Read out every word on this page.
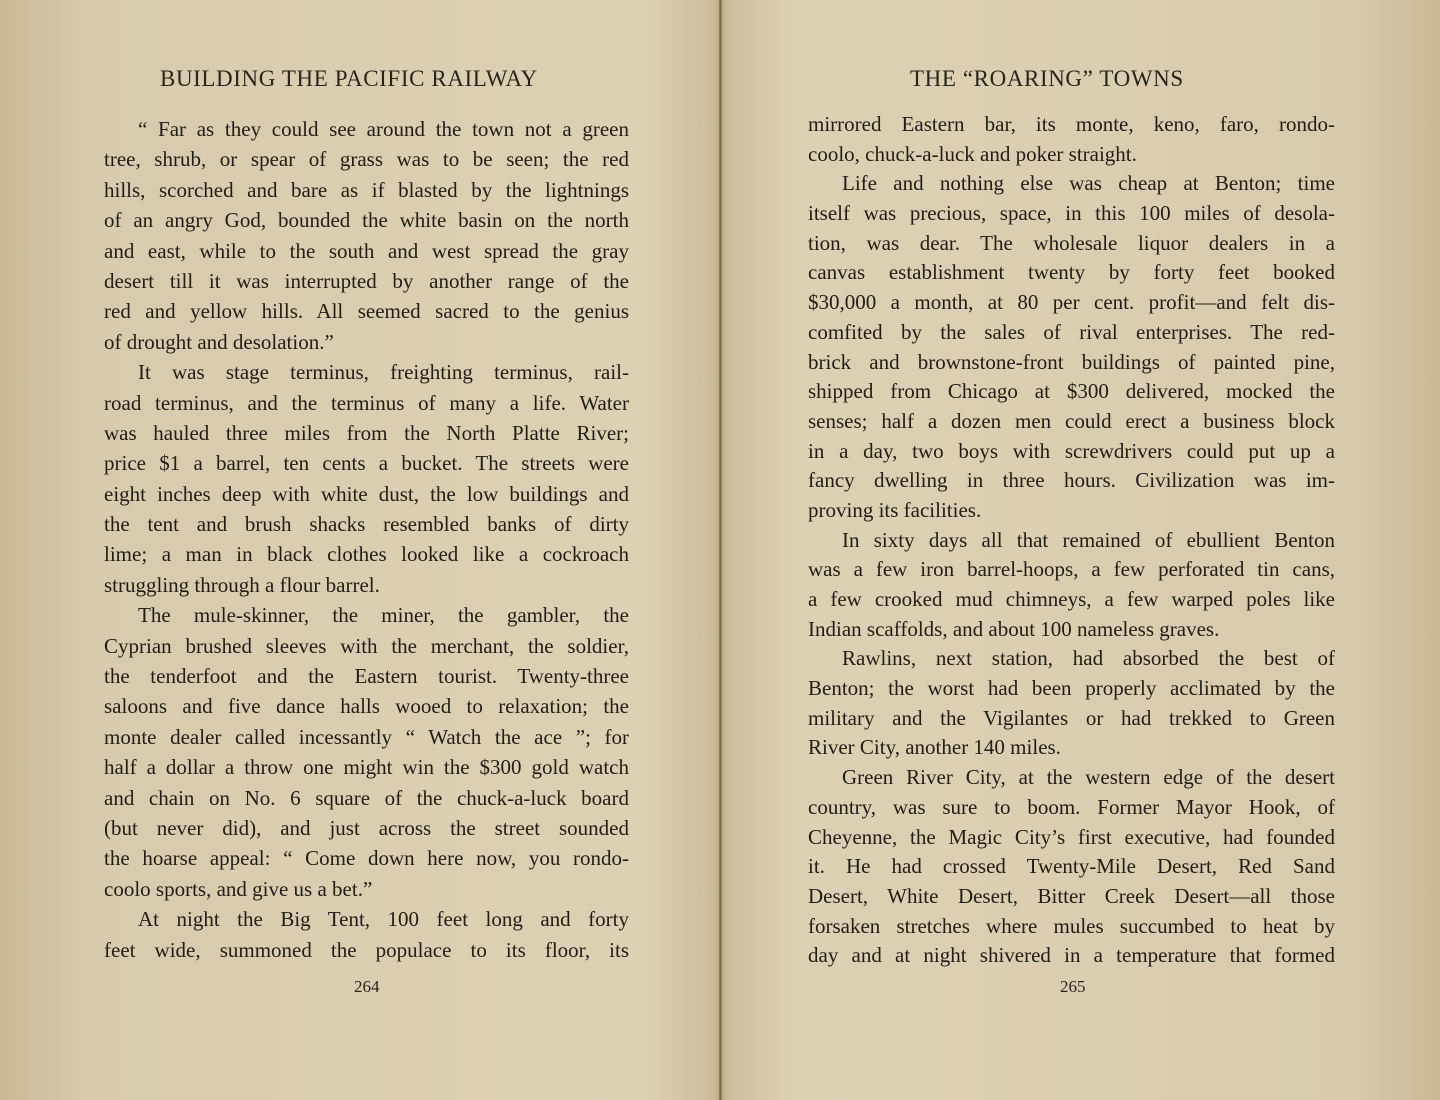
BUILDING THE PACIFIC RAILWAY
“ Far as they could see around the town not a green
tree, shrub, or spear of grass was to be seen; the red
hills, scorched and bare as if blasted by the lightnings
of an angry God, bounded the white basin on the north
and east, while to the south and west spread the gray
desert till it was interrupted by another range of the
red and yellow hills. All seemed sacred to the genius
of drought and desolation.”
It was stage terminus, freighting terminus, rail-
road terminus, and the terminus of many a life. Water
was hauled three miles from the North Platte River;
price $1 a barrel, ten cents a bucket. The streets were
eight inches deep with white dust, the low buildings and
the tent and brush shacks resembled banks of dirty
lime; a man in black clothes looked like a cockroach
struggling through a flour barrel.
The mule-skinner, the miner, the gambler, the
Cyprian brushed sleeves with the merchant, the soldier,
the tenderfoot and the Eastern tourist. Twenty-three
saloons and five dance halls wooed to relaxation; the
monte dealer called incessantly “ Watch the ace ”; for
half a dollar a throw one might win the $300 gold watch
and chain on No. 6 square of the chuck-a-luck board
(but never did), and just across the street sounded
the hoarse appeal: “ Come down here now, you rondo-
coolo sports, and give us a bet.”
At night the Big Tent, 100 feet long and forty
feet wide, summoned the populace to its floor, its

264

THE “ROARING” TOWNS
mirrored Eastern bar, its monte, keno, faro, rondo-
coolo, chuck-a-luck and poker straight.
Life and nothing else was cheap at Benton; time
itself was precious, space, in this 100 miles of desola-
tion, was dear. The wholesale liquor dealers in a
canvas establishment twenty by forty feet booked
$30,000 a month, at 80 per cent. profit—and felt dis-
comfited by the sales of rival enterprises. The red-
brick and brownstone-front buildings of painted pine,
shipped from Chicago at $300 delivered, mocked the
senses; half a dozen men could erect a business block
in a day, two boys with screwdrivers could put up a
fancy dwelling in three hours. Civilization was im-
proving its facilities.
In sixty days all that remained of ebullient Benton
was a few iron barrel-hoops, a few perforated tin cans,
a few crooked mud chimneys, a few warped poles like
Indian scaffolds, and about 100 nameless graves.
Rawlins, next station, had absorbed the best of
Benton; the worst had been properly acclimated by the
military and the Vigilantes or had trekked to Green
River City, another 140 miles.
Green River City, at the western edge of the desert
country, was sure to boom. Former Mayor Hook, of
Cheyenne, the Magic City’s first executive, had founded
it. He had crossed Twenty-Mile Desert, Red Sand
Desert, White Desert, Bitter Creek Desert—all those
forsaken stretches where mules succumbed to heat by
day and at night shivered in a temperature that formed

265
